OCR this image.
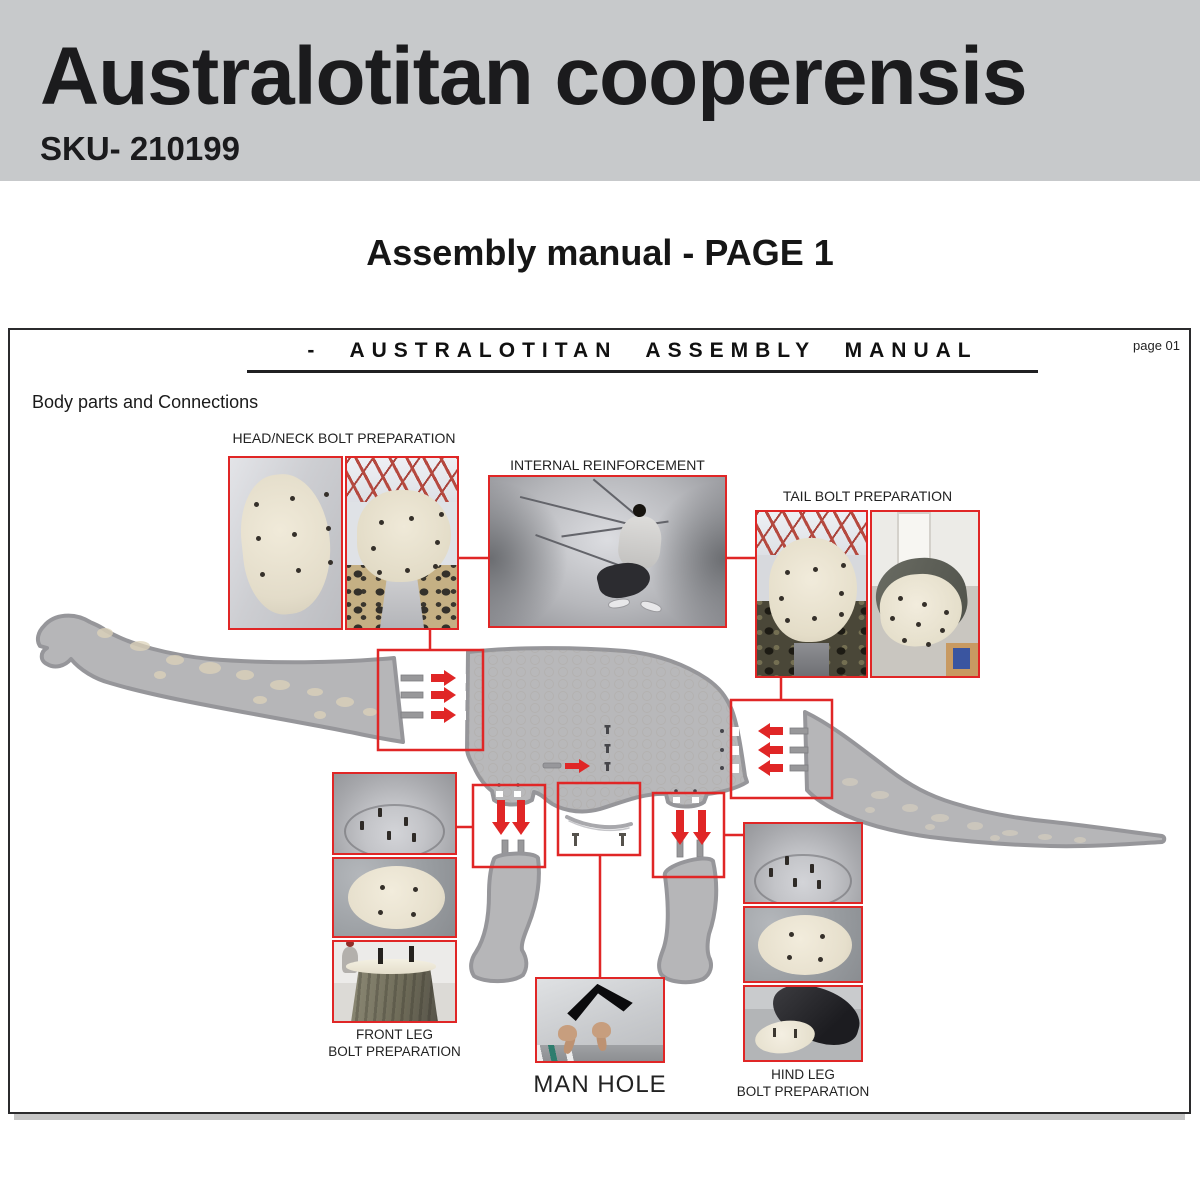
Australotitan cooperensis
SKU- 210199
Assembly manual - PAGE 1
- AUSTRALOTITAN ASSEMBLY MANUAL	page 01
Body parts and Connections
HEAD/NECK BOLT PREPARATION
INTERNAL REINFORCEMENT
TAIL BOLT PREPARATION
FRONT LEG
BOLT PREPARATION
MAN HOLE	HIND LEG
BOLT PREPARATION
